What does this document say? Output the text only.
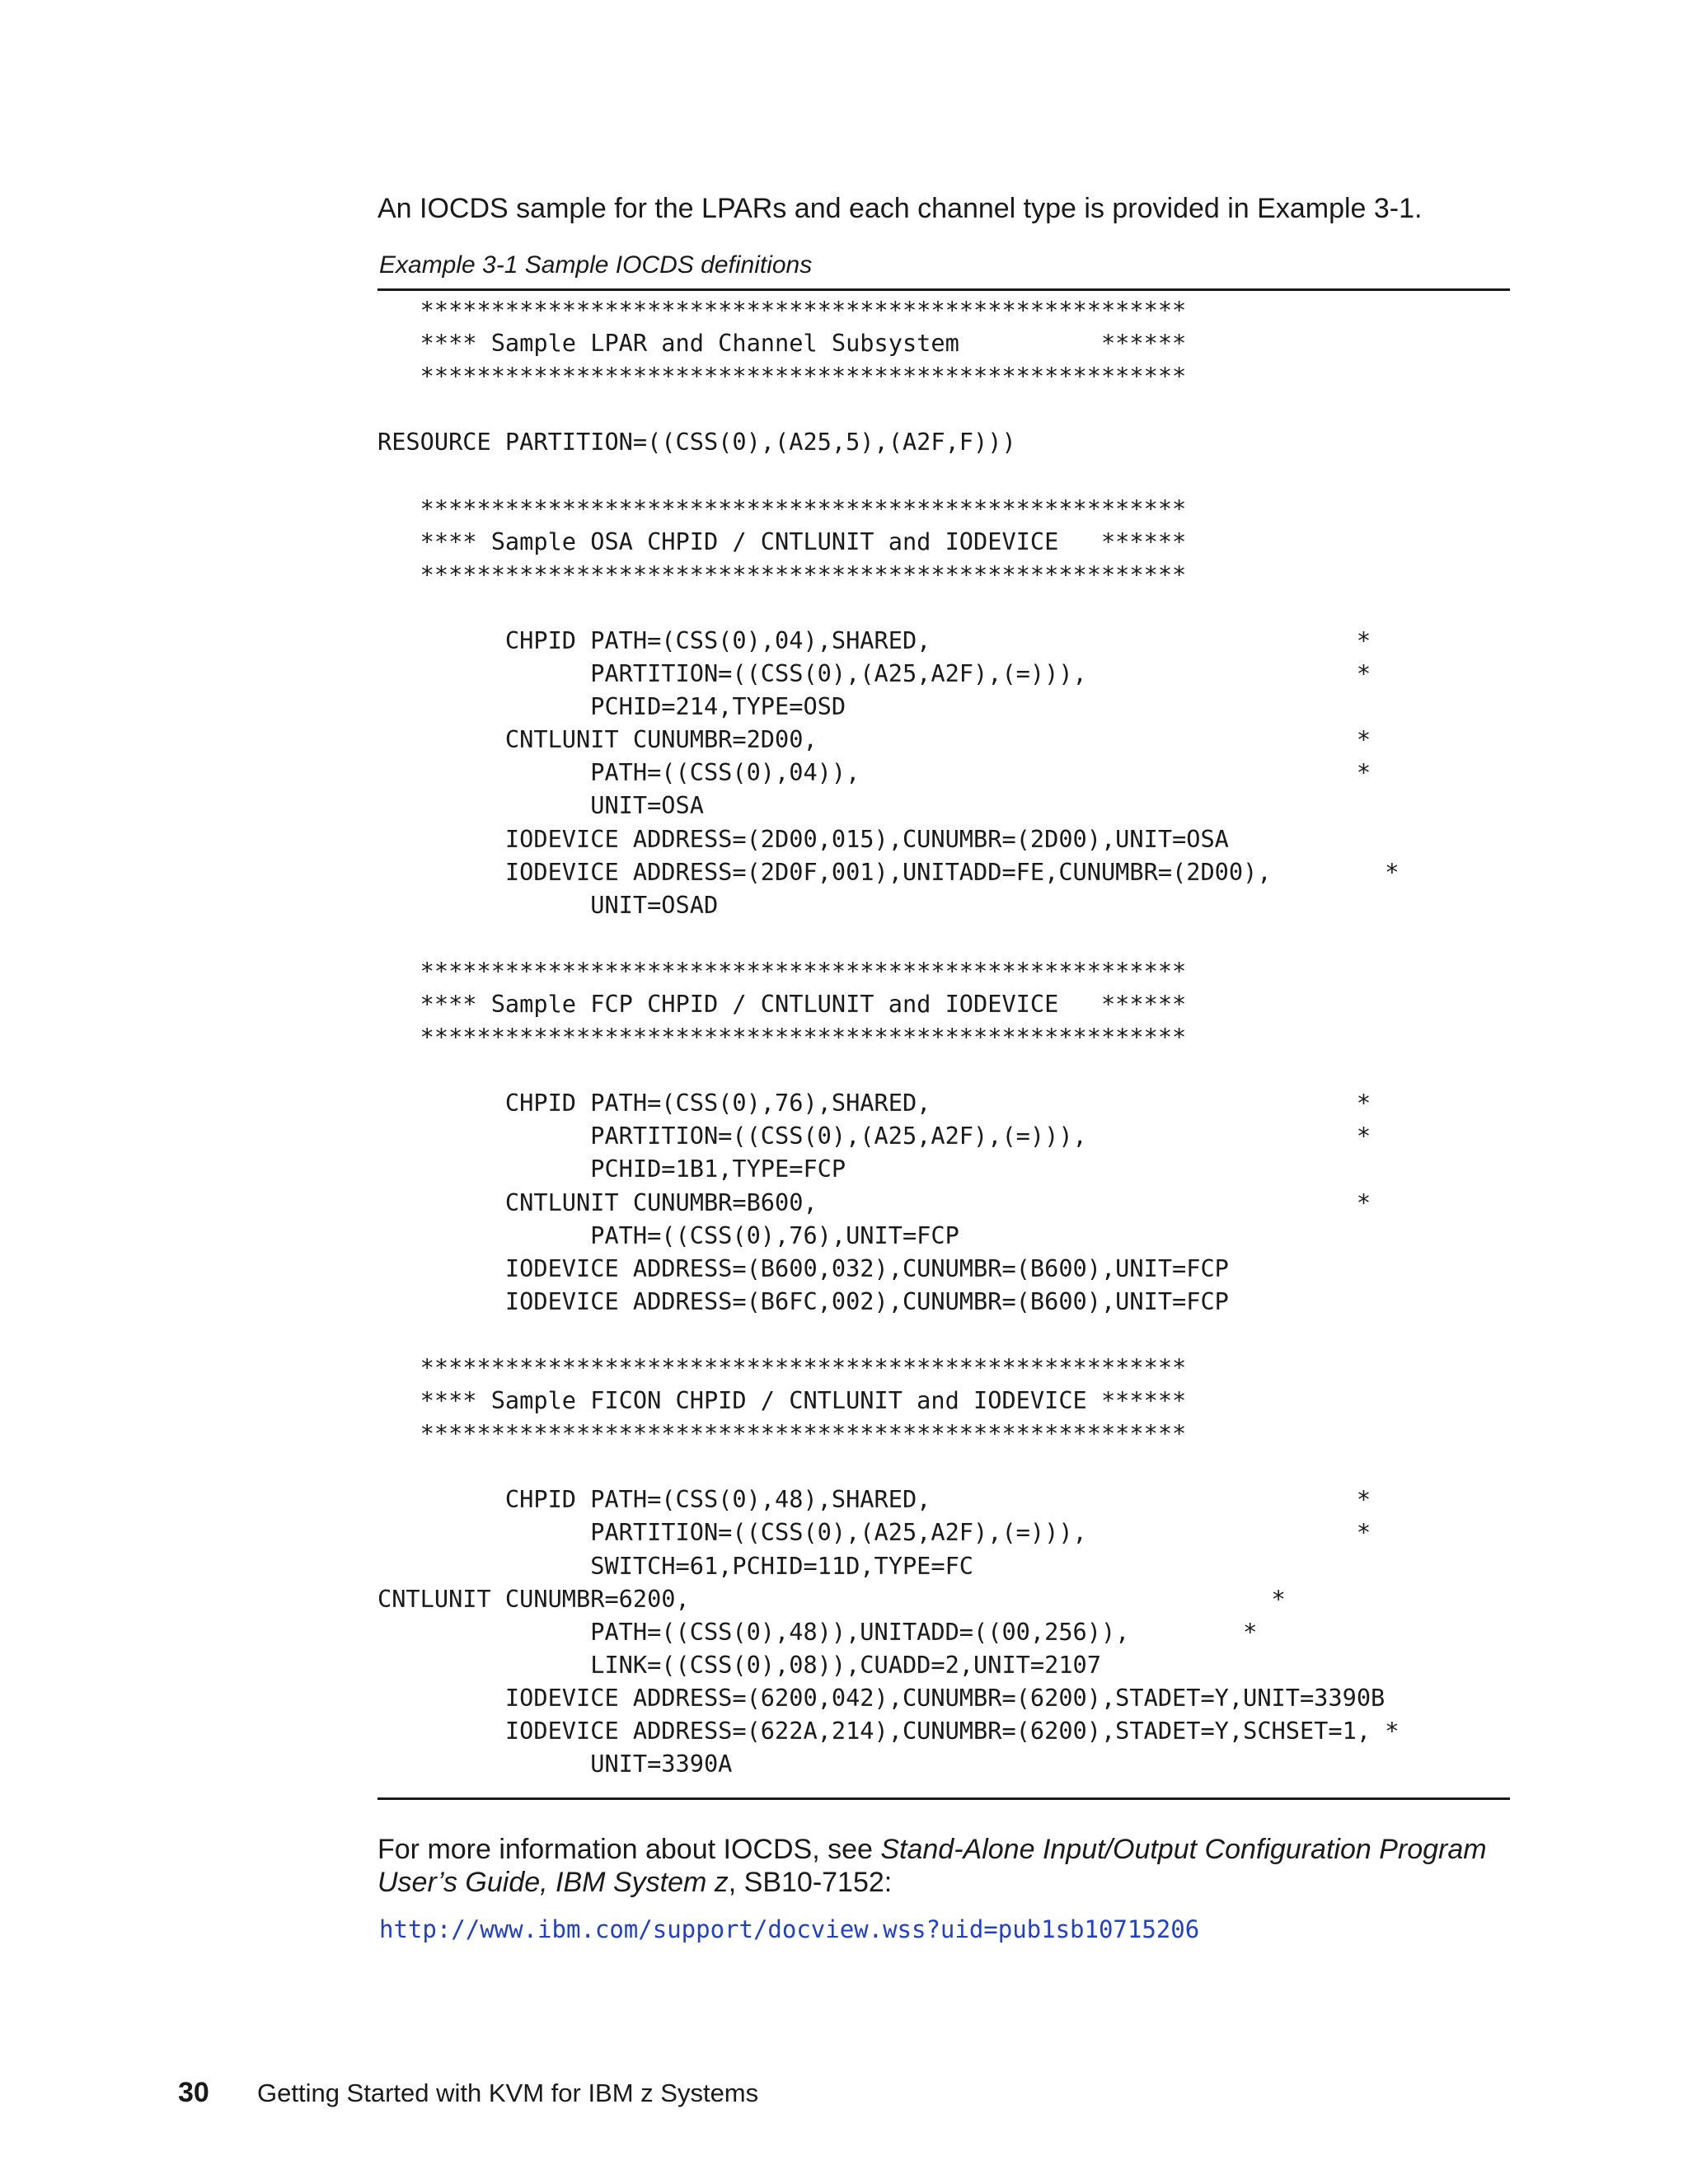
An IOCDS sample for the LPARs and each channel type is provided in Example 3-1.

Example 3-1 Sample IOCDS definitions

******************************************************
**** Sample LPAR and Channel Subsystem          ******
******************************************************

RESOURCE PARTITION=((CSS(0),(A25,5),(A2F,F)))

******************************************************
**** Sample OSA CHPID / CNTLUNIT and IODEVICE   ******
******************************************************

CHPID PATH=(CSS(0),04),SHARED,                              *
PARTITION=((CSS(0),(A25,A2F),(=))),                   *
PCHID=214,TYPE=OSD
CNTLUNIT CUNUMBR=2D00,                                      *
PATH=((CSS(0),04)),                                   *
UNIT=OSA
IODEVICE ADDRESS=(2D00,015),CUNUMBR=(2D00),UNIT=OSA
IODEVICE ADDRESS=(2D0F,001),UNITADD=FE,CUNUMBR=(2D00),        *
UNIT=OSAD

******************************************************
**** Sample FCP CHPID / CNTLUNIT and IODEVICE   ******
******************************************************

CHPID PATH=(CSS(0),76),SHARED,                              *
PARTITION=((CSS(0),(A25,A2F),(=))),                   *
PCHID=1B1,TYPE=FCP
CNTLUNIT CUNUMBR=B600,                                      *
PATH=((CSS(0),76),UNIT=FCP
IODEVICE ADDRESS=(B600,032),CUNUMBR=(B600),UNIT=FCP
IODEVICE ADDRESS=(B6FC,002),CUNUMBR=(B600),UNIT=FCP

******************************************************
**** Sample FICON CHPID / CNTLUNIT and IODEVICE ******
******************************************************

CHPID PATH=(CSS(0),48),SHARED,                              *
PARTITION=((CSS(0),(A25,A2F),(=))),                   *
SWITCH=61,PCHID=11D,TYPE=FC
CNTLUNIT CUNUMBR=6200,                                         *
PATH=((CSS(0),48)),UNITADD=((00,256)),        *
LINK=((CSS(0),08)),CUADD=2,UNIT=2107
IODEVICE ADDRESS=(6200,042),CUNUMBR=(6200),STADET=Y,UNIT=3390B
IODEVICE ADDRESS=(622A,214),CUNUMBR=(6200),STADET=Y,SCHSET=1, *
UNIT=3390A

For more information about IOCDS, see Stand-Alone Input/Output Configuration Program User’s Guide, IBM System z, SB10-7152:

http://www.ibm.com/support/docview.wss?uid=pub1sb10715206
30 Getting Started with KVM for IBM z Systems
